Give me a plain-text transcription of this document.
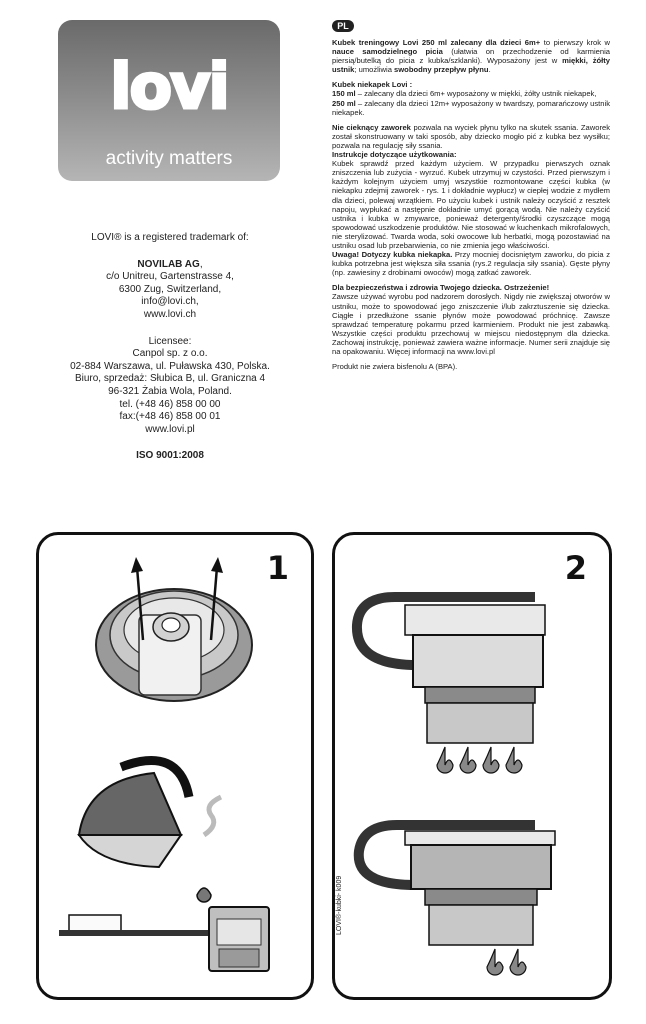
lovi
activity matters

LOVI® is a registered trademark of:

NOVILAB AG,

c/o Unitreu, Gartenstrasse 4,

6300 Zug, Switzerland,

info@lovi.ch,

www.lovi.ch

Licensee:

Canpol sp. z o.o.

02-884 Warszawa, ul. Puławska 430, Polska.

Biuro, sprzedaż: Słubica B, ul. Graniczna 4

96-321 Żabia Wola, Poland.

tel. (+48 46) 858 00 00

fax:(+48 46) 858 00 01

www.lovi.pl

ISO 9001:2008

PL

Kubek treningowy Lovi 250 ml zalecany dla dzieci 6m+ to pierwszy krok w nauce samodzielnego picia (ułatwia on przechodzenie od karmienia piersią/butelką do picia z kubka/szklanki). Wyposażony jest w miękki, żółty ustnik; umożliwia swobodny przepływ płynu.

Kubek niekapek Lovi :
150 ml – zalecany dla dzieci 6m+ wyposażony w miękki, żółty ustnik niekapek,
250 ml – zalecany dla dzieci 12m+ wyposażony w twardszy, pomarańczowy ustnik niekapek.

Nie cieknący zaworek pozwala na wyciek płynu tylko na skutek ssania. Zaworek został skonstruowany w taki sposób, aby dziecko mogło pić z kubka bez wysiłku; pozwala na regulację siły ssania.

Instrukcje dotyczące użytkowania:
Kubek sprawdź przed każdym użyciem. W przypadku pierwszych oznak zniszczenia lub zużycia - wyrzuć. Kubek utrzymuj w czystości. Przed pierwszym i każdym kolejnym użyciem umyj wszystkie rozmontowane części kubka (w niekapku zdejmij zaworek - rys. 1 i dokładnie wypłucz) w ciepłej wodzie z mydłem dla dzieci, polewaj wrzątkiem. Po użyciu kubek i ustnik należy oczyścić z resztek napoju, wypłukać a następnie dokładnie umyć gorącą wodą. Nie należy czyścić ustnika i kubka w zmywarce, ponieważ detergenty/środki czyszczące mogą spowodować uszkodzenie produktów. Nie stosować w kuchenkach mikrofalowych, nie sterylizować. Twarda woda, soki owocowe lub herbatki, mogą pozostawiać na ustniku osad lub przebarwienia, co nie zmienia jego właściwości.
Uwaga! Dotyczy kubka niekapka. Przy mocniej docisniętym zaworku, do picia z kubka potrzebna jest większa siła ssania (rys.2 regulacja siły ssania). Gęste płyny (np. zawiesiny z drobinami owoców) mogą zatkać zaworek.

Dla bezpieczeństwa i zdrowia Twojego dziecka. Ostrzeżenie!
Zawsze używać wyrobu pod nadzorem dorosłych. Nigdy nie zwiększaj otworów w ustniku, może to spowodować jego zniszczenie i/lub zakrztuszenie się dziecka. Ciągłe i przedłużone ssanie płynów może powodować próchnicę. Zawsze sprawdzać temperaturę pokarmu przed karmieniem. Produkt nie jest zabawką. Wszystkie części produktu przechowuj w miejscu niedostępnym dla dziecka. Zachowaj instrukcję, ponieważ zawiera ważne informacje. Numer serii znajduje się na opakowaniu. Więcej informacji na www.lovi.pl

Produkt nie zwiera bisfenolu A (BPA).

1	2
LOVI®-kubki- k009
